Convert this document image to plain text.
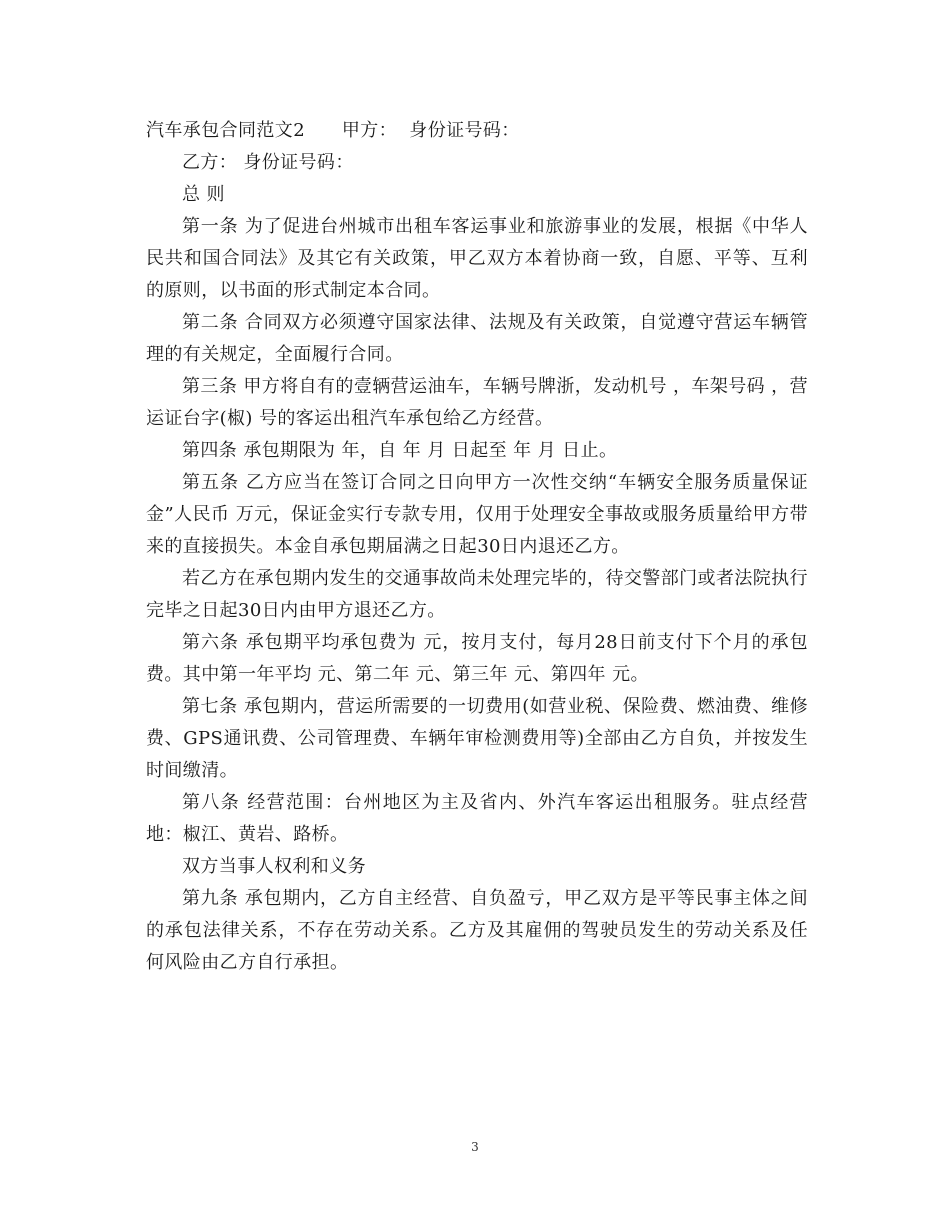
汽车承包合同范文2　　甲方：  身份证号码：

乙方： 身份证号码：

总 则

第一条 为了促进台州城市出租车客运事业和旅游事业的发展，根据《中华人民共和国合同法》及其它有关政策，甲乙双方本着协商一致，自愿、平等、互利的原则，以书面的形式制定本合同。

第二条 合同双方必须遵守国家法律、法规及有关政策，自觉遵守营运车辆管理的有关规定，全面履行合同。

第三条 甲方将自有的壹辆营运油车，车辆号牌浙，发动机号 ，车架号码 ，营运证台字(椒) 号的客运出租汽车承包给乙方经营。

第四条 承包期限为 年，自 年 月 日起至 年 月 日止。

第五条 乙方应当在签订合同之日向甲方一次性交纳“车辆安全服务质量保证金”人民币 万元，保证金实行专款专用，仅用于处理安全事故或服务质量给甲方带来的直接损失。本金自承包期届满之日起30日内退还乙方。

若乙方在承包期内发生的交通事故尚未处理完毕的，待交警部门或者法院执行完毕之日起30日内由甲方退还乙方。

第六条 承包期平均承包费为 元，按月支付，每月28日前支付下个月的承包费。其中第一年平均 元、第二年 元、第三年 元、第四年 元。

第七条 承包期内，营运所需要的一切费用(如营业税、保险费、燃油费、维修费、GPS通讯费、公司管理费、车辆年审检测费用等)全部由乙方自负，并按发生时间缴清。

第八条 经营范围：台州地区为主及省内、外汽车客运出租服务。驻点经营地：椒江、黄岩、路桥。

双方当事人权利和义务

第九条 承包期内，乙方自主经营、自负盈亏，甲乙双方是平等民事主体之间的承包法律关系，不存在劳动关系。乙方及其雇佣的驾驶员发生的劳动关系及任何风险由乙方自行承担。

3
